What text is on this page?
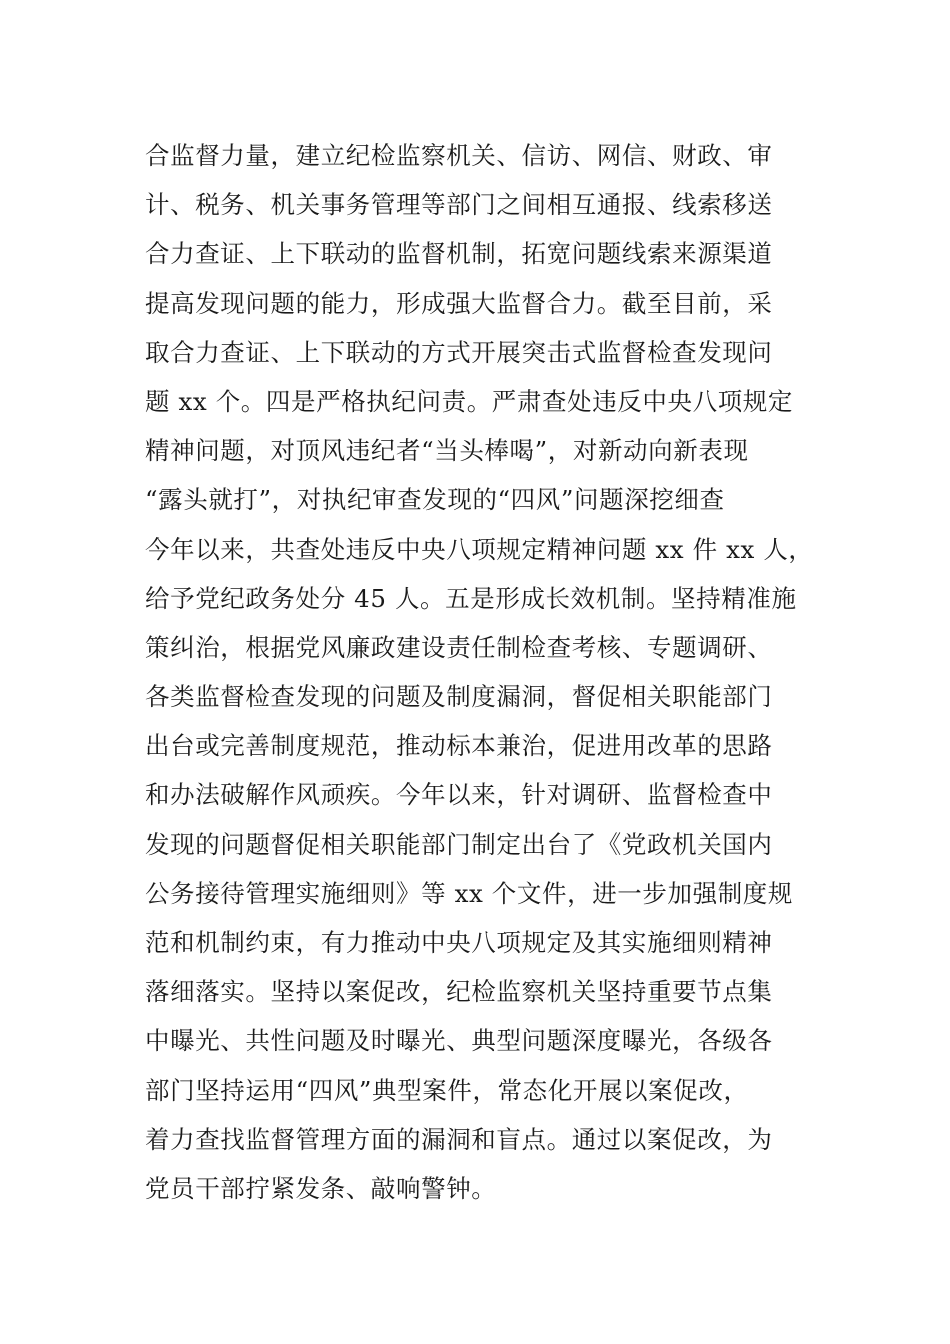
合监督力量，建立纪检监察机关、信访、网信、财政、审
计、税务、机关事务管理等部门之间相互通报、线索移送
合力查证、上下联动的监督机制，拓宽问题线索来源渠道
提高发现问题的能力，形成强大监督合力。截至目前，采
取合力查证、上下联动的方式开展突击式监督检查发现问
题 xx 个。四是严格执纪问责。严肃查处违反中央八项规定
精神问题，对顶风违纪者“当头棒喝”，对新动向新表现
“露头就打”，对执纪审查发现的“四风”问题深挖细查
今年以来，共查处违反中央八项规定精神问题 xx 件 xx 人，
给予党纪政务处分 45 人。五是形成长效机制。坚持精准施
策纠治，根据党风廉政建设责任制检查考核、专题调研、
各类监督检查发现的问题及制度漏洞，督促相关职能部门
出台或完善制度规范，推动标本兼治，促进用改革的思路
和办法破解作风顽疾。今年以来，针对调研、监督检查中
发现的问题督促相关职能部门制定出台了《党政机关国内
公务接待管理实施细则》等 xx 个文件，进一步加强制度规
范和机制约束，有力推动中央八项规定及其实施细则精神
落细落实。坚持以案促改，纪检监察机关坚持重要节点集
中曝光、共性问题及时曝光、典型问题深度曝光，各级各
部门坚持运用“四风”典型案件，常态化开展以案促改，
着力查找监督管理方面的漏洞和盲点。通过以案促改，为
党员干部拧紧发条、敲响警钟。
